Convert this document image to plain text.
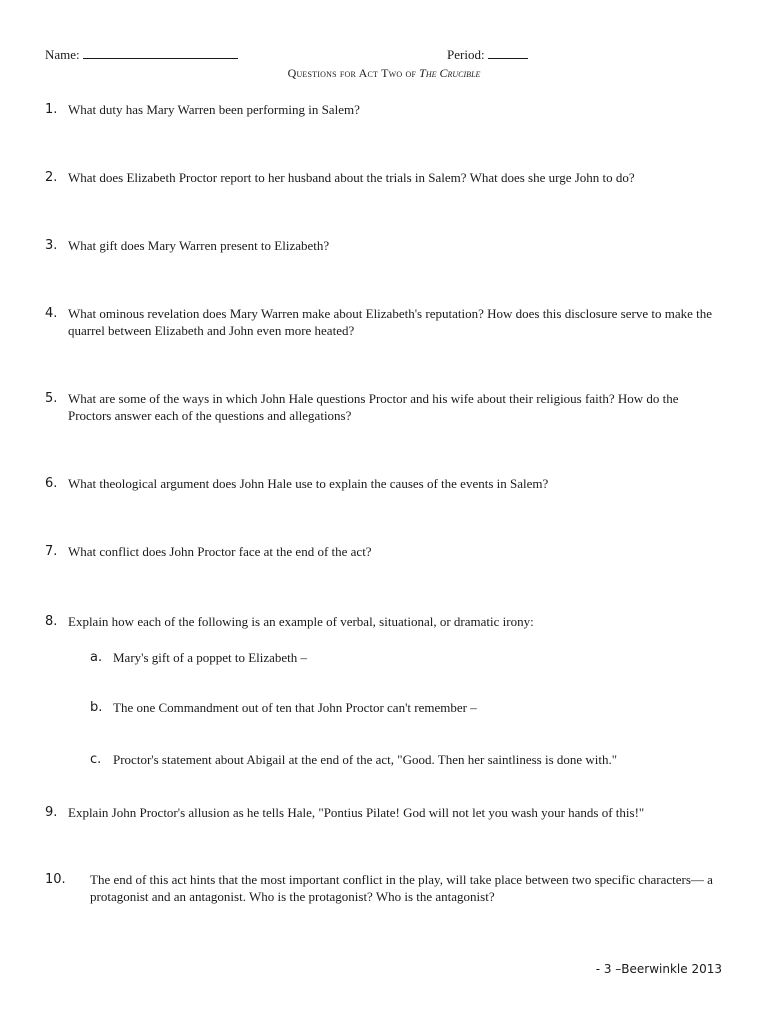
Name:	Period:
Questions for Act Two of The Crucible
1. What duty has Mary Warren been performing in Salem?
2. What does Elizabeth Proctor report to her husband about the trials in Salem? What does she urge John to do?
3. What gift does Mary Warren present to Elizabeth?
4. What ominous revelation does Mary Warren make about Elizabeth's reputation? How does this disclosure serve to make the quarrel between Elizabeth and John even more heated?
5. What are some of the ways in which John Hale questions Proctor and his wife about their religious faith? How do the Proctors answer each of the questions and allegations?
6. What theological argument does John Hale use to explain the causes of the events in Salem?
7. What conflict does John Proctor face at the end of the act?
8. Explain how each of the following is an example of verbal, situational, or dramatic irony:
a. Mary's gift of a poppet to Elizabeth –
b. The one Commandment out of ten that John Proctor can't remember –
c. Proctor's statement about Abigail at the end of the act, "Good. Then her saintliness is done with."
9. Explain John Proctor's allusion as he tells Hale, "Pontius Pilate! God will not let you wash your hands of this!"
10.	The end of this act hints that the most important conflict in the play, will take place between two specific characters— a protagonist and an antagonist. Who is the protagonist? Who is the antagonist?
- 3 –Beerwinkle 2013
